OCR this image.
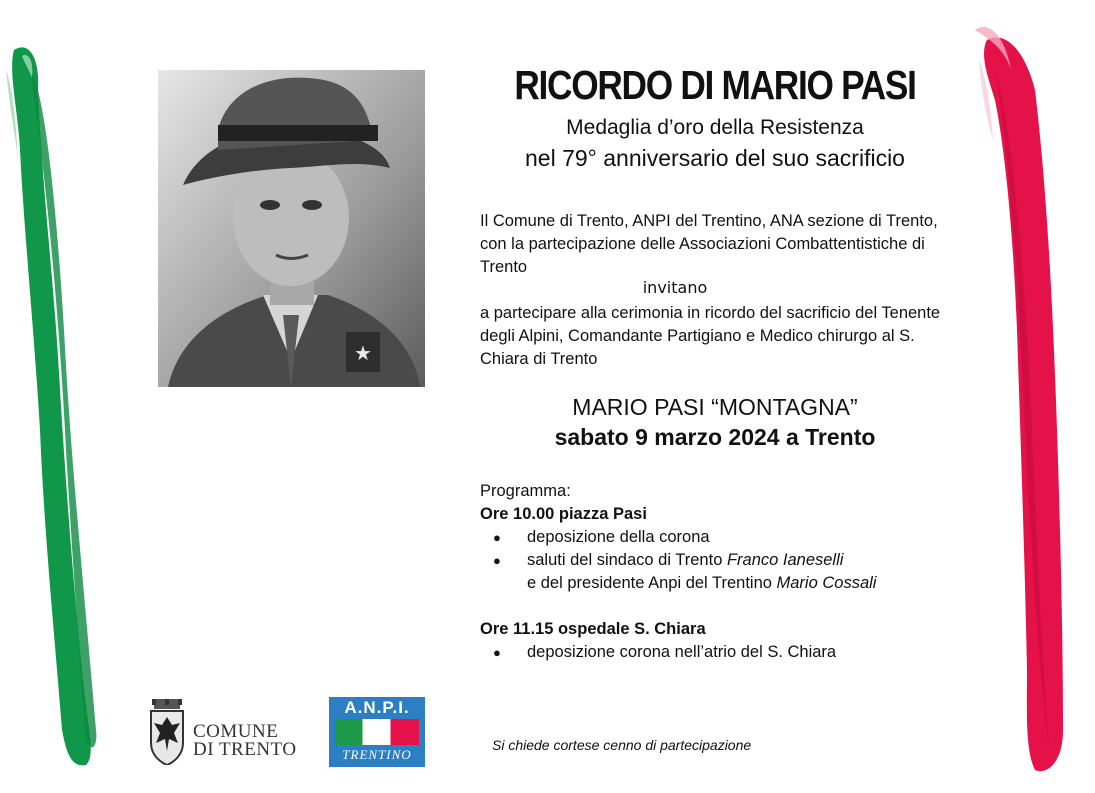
★
RICORDO DI MARIO PASI
Medaglia d’oro della Resistenza
nel 79° anniversario del suo sacrificio
Il Comune di Trento, ANPI del Trentino, ANA sezione di Trento, con la partecipazione delle Associazioni Combattentistiche di Trento
invitano
a partecipare alla cerimonia in ricordo del sacrificio del Tenente degli Alpini, Comandante Partigiano e Medico chirurgo al S. Chiara di Trento
MARIO PASI “MONTAGNA”
sabato 9 marzo 2024 a Trento
Programma:
Ore 10.00 piazza Pasi
● deposizione della corona
● saluti del sindaco di Trento Franco Ianeselli
e del presidente Anpi del Trentino Mario Cossali
Ore 11.15 ospedale S. Chiara
● deposizione corona nell’atrio del S. Chiara
Si chiede cortese cenno di partecipazione
COMUNE
DI TRENTO
A.N.P.I.
TRENTINO
